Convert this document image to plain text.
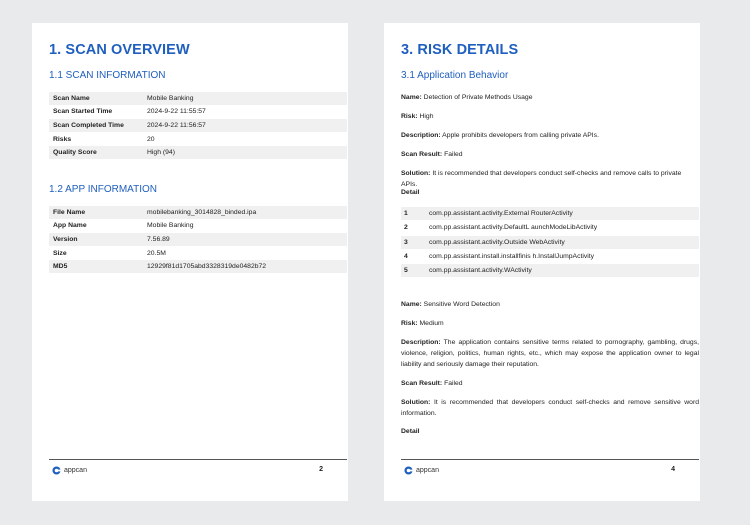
1. SCAN OVERVIEW
1.1 SCAN INFORMATION
Scan Name	Mobile Banking
Scan Started Time	2024-9-22 11:55:57
Scan Completed Time	2024-9-22 11:56:57
Risks	20
Quality Score	High (94)
1.2 APP INFORMATION
File Name	mobilebanking_3014828_binded.ipa
App Name	Mobile Banking
Version	7.56.89
Size	20.5M
MD5	12929f81d1705abd3328319de0482b72
appcan	2
3. RISK DETAILS
3.1 Application Behavior
Name: Detection of Private Methods Usage
Risk: High
Description: Apple prohibits developers from calling private APIs.
Scan Result: Failed
Solution: It is recommended that developers conduct self-checks and remove calls to private APIs.
Detail
1	com.pp.assistant.activity.External RouterActivity
2	com.pp.assistant.activity.DefaultL aunchModeLibActivity
3	com.pp.assistant.activity.Outside WebActivity
4	com.pp.assistant.install.installfinis h.InstallJumpActivity
5	com.pp.assistant.activity.WActivity
Name: Sensitive Word Detection
Risk: Medium
Description: The application contains sensitive terms related to pornography, gambling, drugs, violence, religion, politics, human rights, etc., which may expose the application owner to legal liability and seriously damage their reputation.
Scan Result: Failed
Solution: It is recommended that developers conduct self-checks and remove sensitive word information.
Detail
appcan	4
